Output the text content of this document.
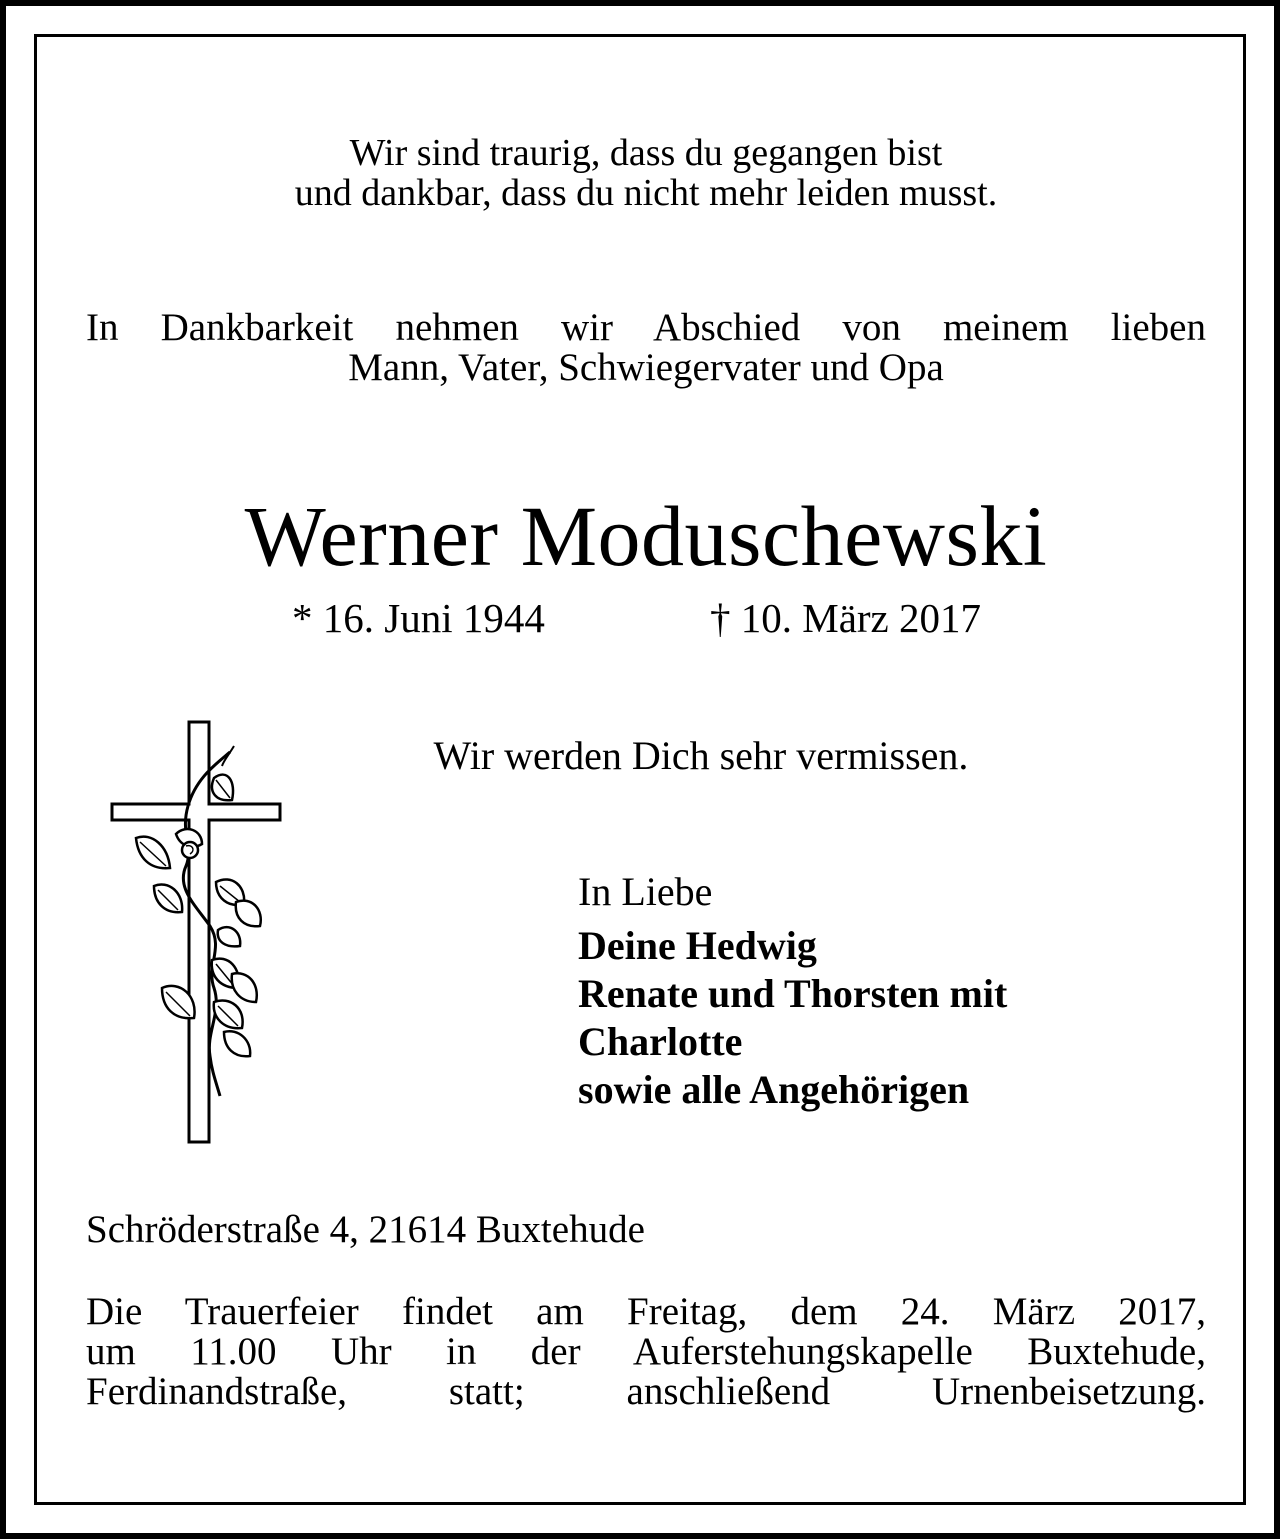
Wir sind traurig, dass du gegangen bist
und dankbar, dass du nicht mehr leiden musst.
In Dankbarkeit nehmen wir Abschied von meinem lieben
Mann, Vater, Schwiegervater und Opa
Werner Moduschewski
* 16. Juni 1944	† 10. März 2017
Wir werden Dich sehr vermissen.
In Liebe
Deine Hedwig
Renate und Thorsten mit
Charlotte
sowie alle Angehörigen
Schröderstraße 4, 21614 Buxtehude
Die Trauerfeier findet am Freitag, dem 24. März 2017,
um 11.00 Uhr in der Auferstehungskapelle Buxtehude,
Ferdinandstraße, statt; anschließend Urnenbeisetzung.
